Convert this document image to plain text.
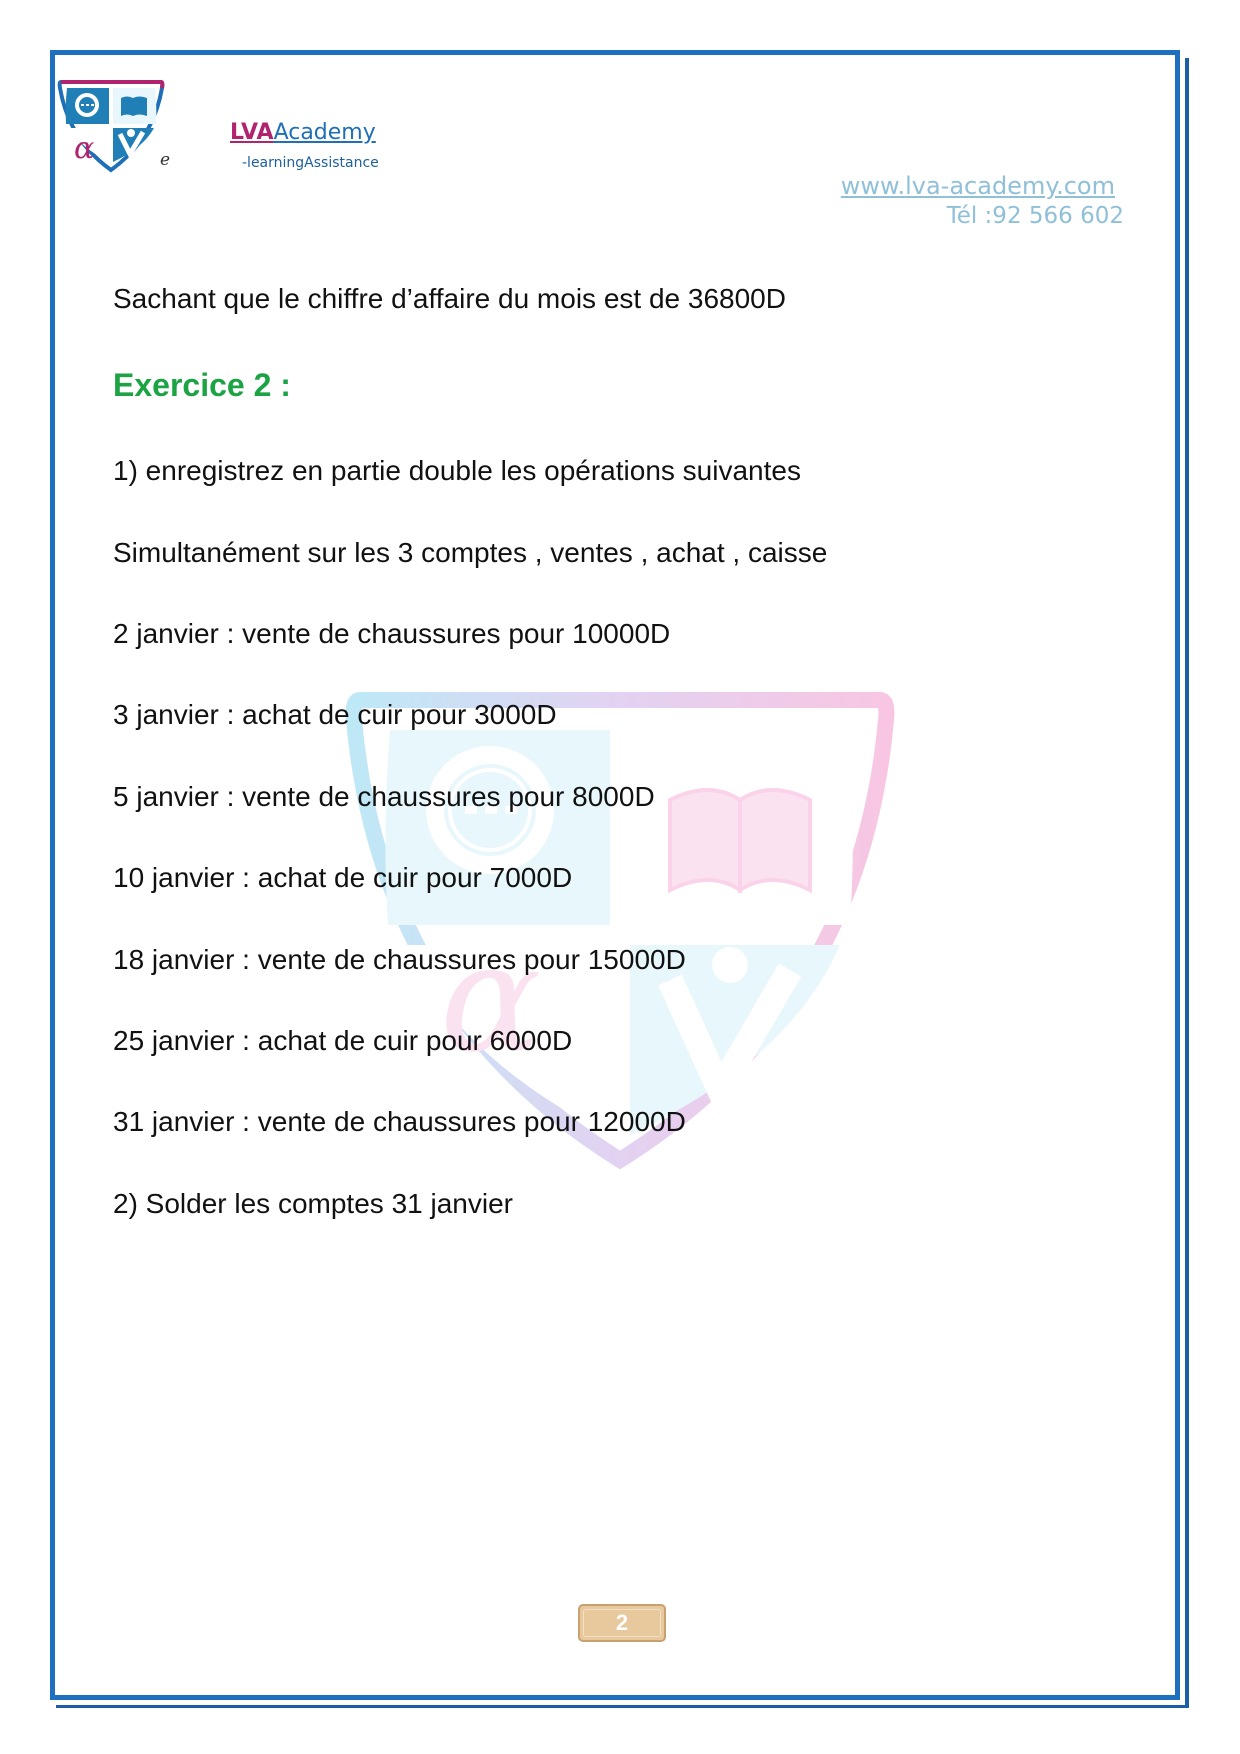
α
α	e
LVAAcademy
-learningAssistance
www.lva-academy.com
Tél :92 566 602
Sachant que le chiffre d’affaire du mois est de 36800D
Exercice 2 :
1) enregistrez en partie double les opérations suivantes
Simultanément sur les 3 comptes , ventes , achat , caisse
2 janvier : vente de chaussures pour 10000D
3 janvier : achat de cuir pour 3000D
5 janvier : vente de chaussures pour 8000D
10 janvier : achat de cuir pour 7000D
18 janvier : vente de chaussures pour 15000D
25 janvier : achat de cuir pour 6000D
31 janvier : vente de chaussures pour 12000D
2) Solder les comptes 31 janvier
2
